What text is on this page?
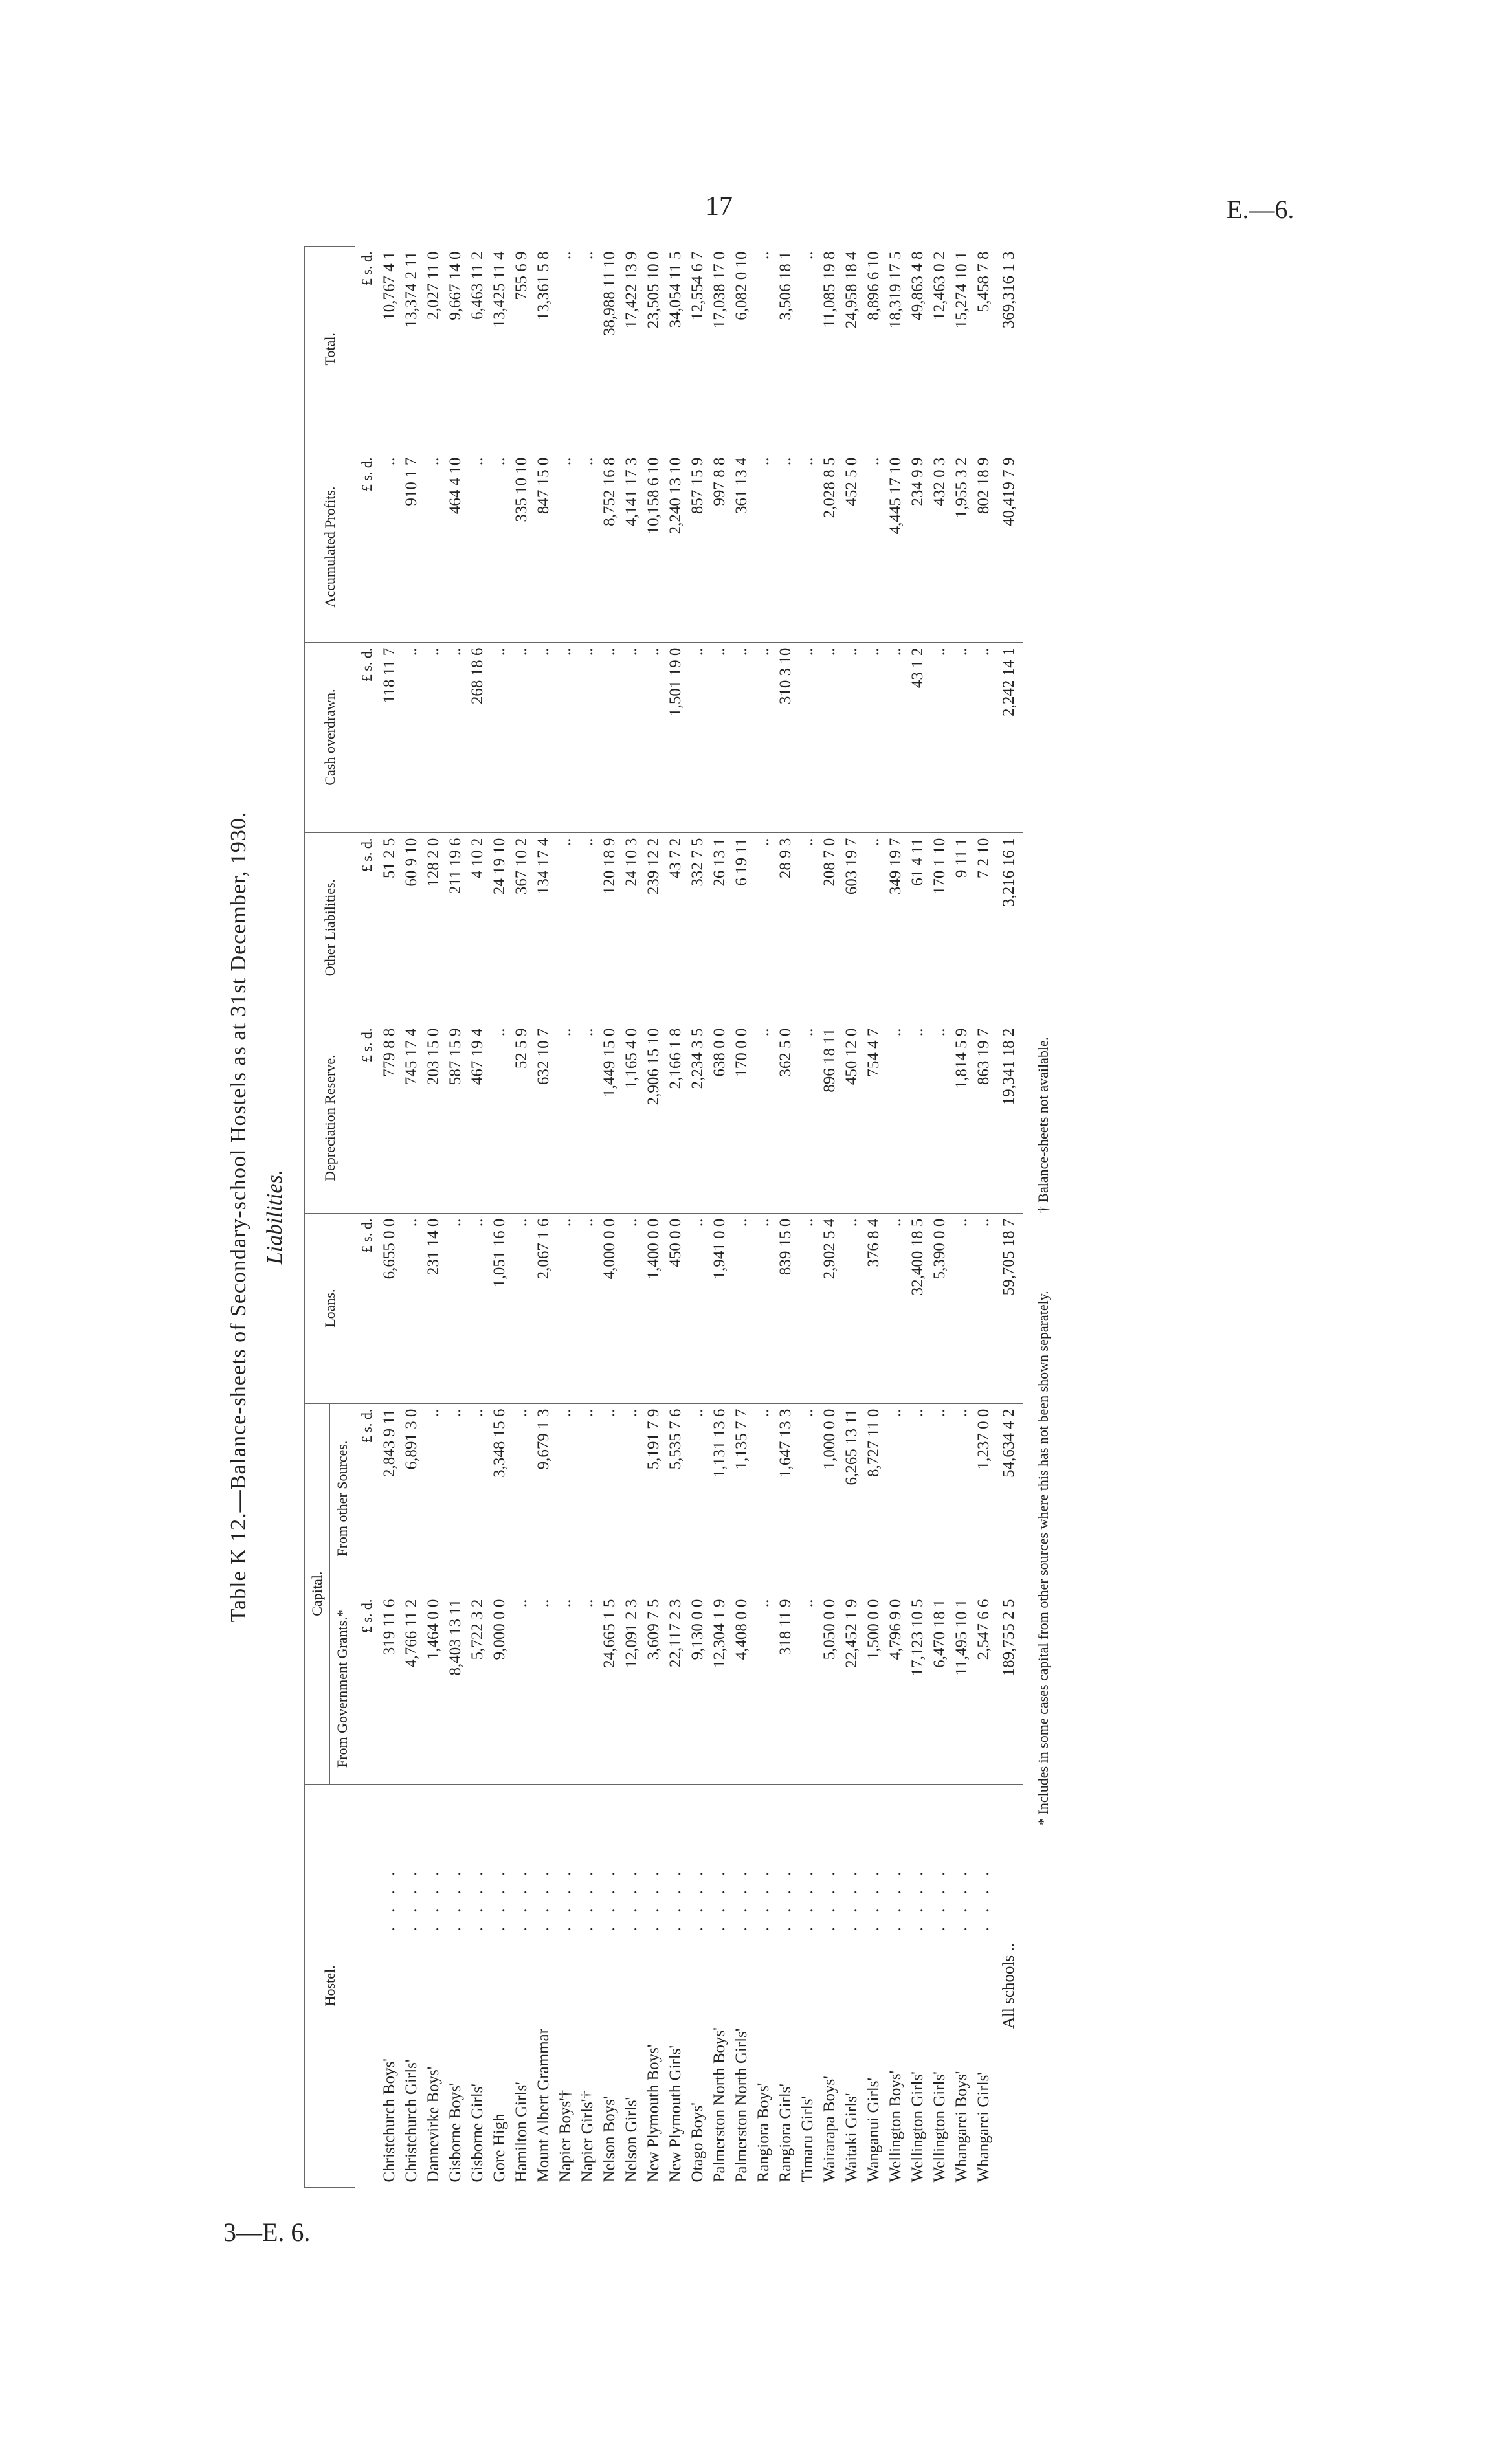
3—E. 6.
17	E.—6.
Table K 12.—Balance-sheets of Secondary-school Hostels as at 31st December, 1930. Liabilities.
Hostel.		Capital.		Loans.	Depreciation Reserve.	Other Liabilities.	Cash overdrawn.	Accumulated Profits.	Total.
		From Government Grants.*	From other Sources.						
		£ s. d.	£ s. d.	£ s. d.	£ s. d.	£ s. d.	£ s. d.	£ s. d.	£ s. d.
Christchurch Boys'	. . . .	319 11 6	2,843 9 11	6,655 0 0	779 8 8	51 2 5	118 11 7	..	10,767 4 1
Christchurch Girls'	. . . .	4,766 11 2	6,891 3 0	..	745 17 4	60 9 10	..	910 1 7	13,374 2 11
Dannevirke Boys'	. . . .	1,464 0 0	..	231 14 0	203 15 0	128 2 0	..	..	2,027 11 0
Gisborne Boys'	. . . .	8,403 13 11	..	..	587 15 9	211 19 6	..	464 4 10	9,667 14 0
Gisborne Girls'	. . . .	5,722 3 2	..	..	467 19 4	4 10 2	268 18 6	..	6,463 11 2
Gore High	. . . .	9,000 0 0	3,348 15 6	1,051 16 0	..	24 19 10	..	..	13,425 11 4
Hamilton Girls'	. . . .	..	..	..	52 5 9	367 10 2	..	335 10 10	755 6 9
Mount Albert Grammar	. . . .	..	9,679 1 3	2,067 1 6	632 10 7	134 17 4	..	847 15 0	13,361 5 8
Napier Boys'†	. . . .	..	..	..	..	..	..	..	..
Napier Girls'†	. . . .	..	..	..	..	..	..	..	..
Nelson Boys'	. . . .	24,665 1 5	..	4,000 0 0	1,449 15 0	120 18 9	..	8,752 16 8	38,988 11 10
Nelson Girls'	. . . .	12,091 2 3	..	..	1,165 4 0	24 10 3	..	4,141 17 3	17,422 13 9
New Plymouth Boys'	. . . .	3,609 7 5	5,191 7 9	1,400 0 0	2,906 15 10	239 12 2	..	10,158 6 10	23,505 10 0
New Plymouth Girls'	. . . .	22,117 2 3	5,535 7 6	450 0 0	2,166 1 8	43 7 2	1,501 19 0	2,240 13 10	34,054 11 5
Otago Boys'	. . . .	9,130 0 0	..	..	2,234 3 5	332 7 5	..	857 15 9	12,554 6 7
Palmerston North Boys'	. . . .	12,304 1 9	1,131 13 6	1,941 0 0	638 0 0	26 13 1	..	997 8 8	17,038 17 0
Palmerston North Girls'	. . . .	4,408 0 0	1,135 7 7	..	170 0 0	6 19 11	..	361 13 4	6,082 0 10
Rangiora Boys'	. . . .	..	..	..	..	..	..	..	..
Rangiora Girls'	. . . .	318 11 9	1,647 13 3	839 15 0	362 5 0	28 9 3	310 3 10	..	3,506 18 1
Timaru Girls'	. . . .	..	..	..	..	..	..	..	..
Wairarapa Boys'	. . . .	5,050 0 0	1,000 0 0	2,902 5 4	896 18 11	208 7 0	..	2,028 8 5	11,085 19 8
Waitaki Girls'	. . . .	22,452 1 9	6,265 13 11	..	450 12 0	603 19 7	..	452 5 0	24,958 18 4
Wanganui Girls'	. . . .	1,500 0 0	8,727 11 0	376 8 4	754 4 7	..	..	..	8,896 6 10
Wellington Boys'	. . . .	4,796 9 0	..	..	..	349 19 7	..	4,445 17 10	18,319 17 5
Wellington Girls'	. . . .	17,123 10 5	..	32,400 18 5	..	61 4 11	43 1 2	234 9 9	49,863 4 8
Wellington Girls'	. . . .	6,470 18 1	..	5,390 0 0	..	170 1 10	..	432 0 3	12,463 0 2
Whangarei Boys'	. . . .	11,495 10 1	..	..	1,814 5 9	9 11 1	..	1,955 3 2	15,274 10 1
Whangarei Girls'	. . . .	2,547 6 6	1,237 0 0	..	863 19 7	7 2 10	..	802 18 9	5,458 7 8
All schools ..		189,755 2 5	54,634 4 2	59,705 18 7	19,341 18 2	3,216 16 1	2,242 14 1	40,419 7 9	369,316 1 3
* Includes in some cases capital from other sources where this has not been shown separately.
† Balance-sheets not available.
